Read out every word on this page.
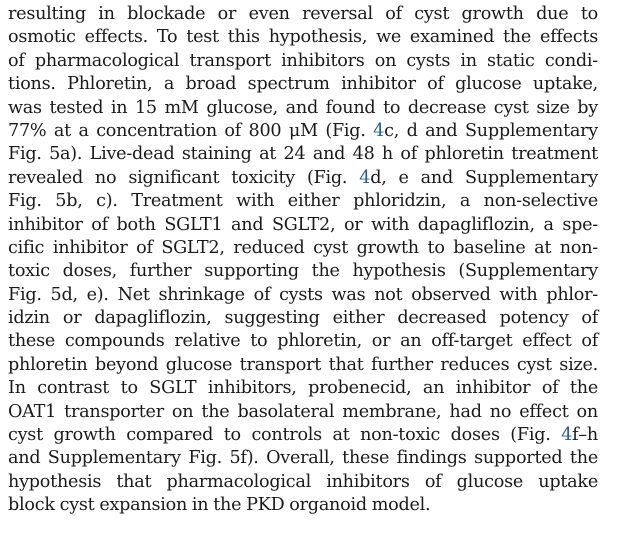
resulting in blockade or even reversal of cyst growth due to
osmotic effects. To test this hypothesis, we examined the effects
of pharmacological transport inhibitors on cysts in static condi-
tions. Phloretin, a broad spectrum inhibitor of glucose uptake,
was tested in 15 mM glucose, and found to decrease cyst size by
77% at a concentration of 800 μM (Fig. 4c, d and Supplementary
Fig. 5a). Live-dead staining at 24 and 48 h of phloretin treatment
revealed no significant toxicity (Fig. 4d, e and Supplementary
Fig. 5b, c). Treatment with either phloridzin, a non-selective
inhibitor of both SGLT1 and SGLT2, or with dapagliflozin, a spe-
cific inhibitor of SGLT2, reduced cyst growth to baseline at non-
toxic doses, further supporting the hypothesis (Supplementary
Fig. 5d, e). Net shrinkage of cysts was not observed with phlor-
idzin or dapagliflozin, suggesting either decreased potency of
these compounds relative to phloretin, or an off-target effect of
phloretin beyond glucose transport that further reduces cyst size.
In contrast to SGLT inhibitors, probenecid, an inhibitor of the
OAT1 transporter on the basolateral membrane, had no effect on
cyst growth compared to controls at non-toxic doses (Fig. 4f–h
and Supplementary Fig. 5f). Overall, these findings supported the
hypothesis that pharmacological inhibitors of glucose uptake
block cyst expansion in the PKD organoid model.
